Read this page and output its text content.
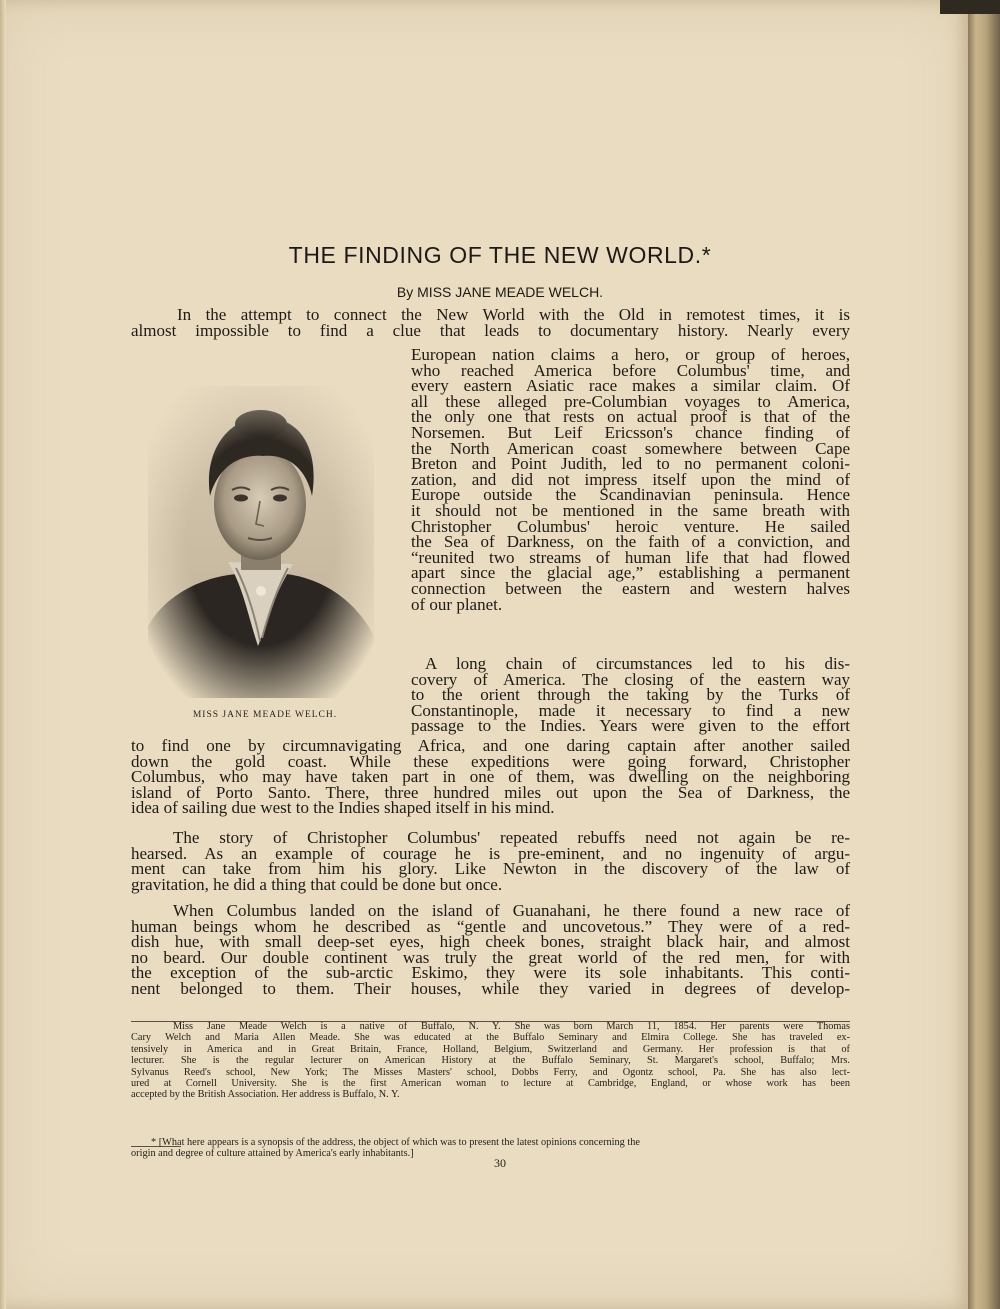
THE FINDING OF THE NEW WORLD.*
By MISS JANE MEADE WELCH.
MISS JANE MEADE WELCH.
In the attempt to connect the New World with the Old in remotest times, it is
almost impossible to find a clue that leads to documentary history. Nearly every
European nation claims a hero, or group of heroes,
who reached America before Columbus' time, and
every eastern Asiatic race makes a similar claim. Of
all these alleged pre-Columbian voyages to America,
the only one that rests on actual proof is that of the
Norsemen. But Leif Ericsson's chance finding of
the North American coast somewhere between Cape
Breton and Point Judith, led to no permanent coloni-
zation, and did not impress itself upon the mind of
Europe outside the Scandinavian peninsula. Hence
it should not be mentioned in the same breath with
Christopher Columbus' heroic venture. He sailed
the Sea of Darkness, on the faith of a conviction, and
“reunited two streams of human life that had flowed
apart since the glacial age,” establishing a permanent
connection between the eastern and western halves
of our planet.
A long chain of circumstances led to his dis-
covery of America. The closing of the eastern way
to the orient through the taking by the Turks of
Constantinople, made it necessary to find a new
passage to the Indies. Years were given to the effort
to find one by circumnavigating Africa, and one daring captain after another sailed
down the gold coast. While these expeditions were going forward, Christopher
Columbus, who may have taken part in one of them, was dwelling on the neighboring
island of Porto Santo. There, three hundred miles out upon the Sea of Darkness, the
idea of sailing due west to the Indies shaped itself in his mind.
The story of Christopher Columbus' repeated rebuffs need not again be re-
hearsed. As an example of courage he is pre-eminent, and no ingenuity of argu-
ment can take from him his glory. Like Newton in the discovery of the law of
gravitation, he did a thing that could be done but once.
When Columbus landed on the island of Guanahani, he there found a new race of
human beings whom he described as “gentle and uncovetous.” They were of a red-
dish hue, with small deep-set eyes, high cheek bones, straight black hair, and almost
no beard. Our double continent was truly the great world of the red men, for with
the exception of the sub-arctic Eskimo, they were its sole inhabitants. This conti-
nent belonged to them. Their houses, while they varied in degrees of develop-
Miss Jane Meade Welch is a native of Buffalo, N. Y. She was born March 11, 1854. Her parents were Thomas
Cary Welch and Maria Allen Meade. She was educated at the Buffalo Seminary and Elmira College. She has traveled ex-
tensively in America and in Great Britain, France, Holland, Belgium, Switzerland and Germany. Her profession is that of
lecturer. She is the regular lecturer on American History at the Buffalo Seminary, St. Margaret's school, Buffalo; Mrs.
Sylvanus Reed's school, New York; The Misses Masters' school, Dobbs Ferry, and Ogontz school, Pa. She has also lect-
ured at Cornell University. She is the first American woman to lecture at Cambridge, England, or whose work has been
accepted by the British Association. Her address is Buffalo, N. Y.
* [What here appears is a synopsis of the address, the object of which was to present the latest opinions concerning the
origin and degree of culture attained by America's early inhabitants.]
30
